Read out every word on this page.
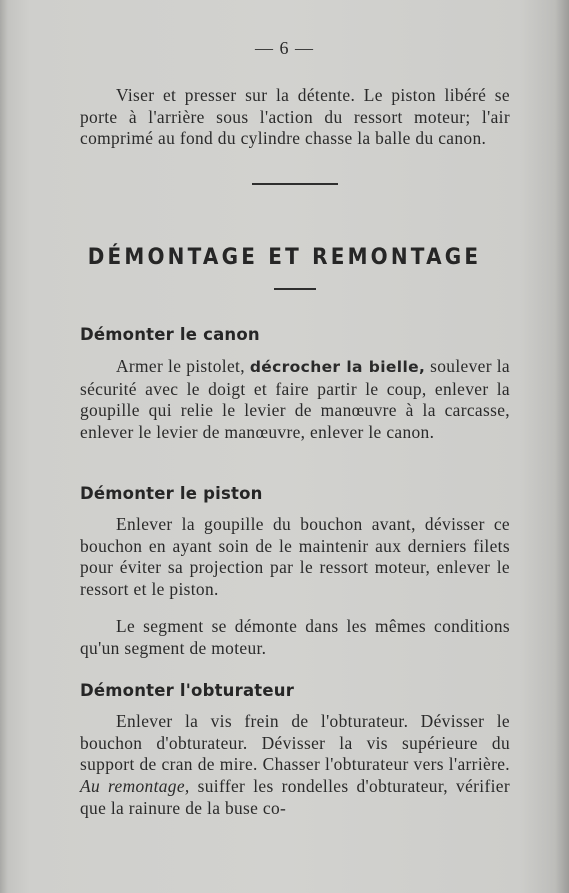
— 6 —

Viser et presser sur la détente. Le piston libéré se porte à l'arrière sous l'action du ressort moteur; l'air comprimé au fond du cylindre chasse la balle du canon.

DÉMONTAGE ET REMONTAGE
Démonter le canon

Armer le pistolet, décrocher la bielle, soulever la sécurité avec le doigt et faire partir le coup, enlever la goupille qui relie le levier de manœuvre à la carcasse, enlever le levier de manœuvre, enlever le canon.

Démonter le piston

Enlever la goupille du bouchon avant, dévisser ce bouchon en ayant soin de le maintenir aux derniers filets pour éviter sa projection par le ressort moteur, enlever le ressort et le piston.

Le segment se démonte dans les mêmes conditions qu'un segment de moteur.

Démonter l'obturateur

Enlever la vis frein de l'obturateur. Dévisser le bouchon d'obturateur. Dévisser la vis supérieure du support de cran de mire. Chasser l'obturateur vers l'arrière. Au remontage, suiffer les rondelles d'obturateur, vérifier que la rainure de la buse co-
